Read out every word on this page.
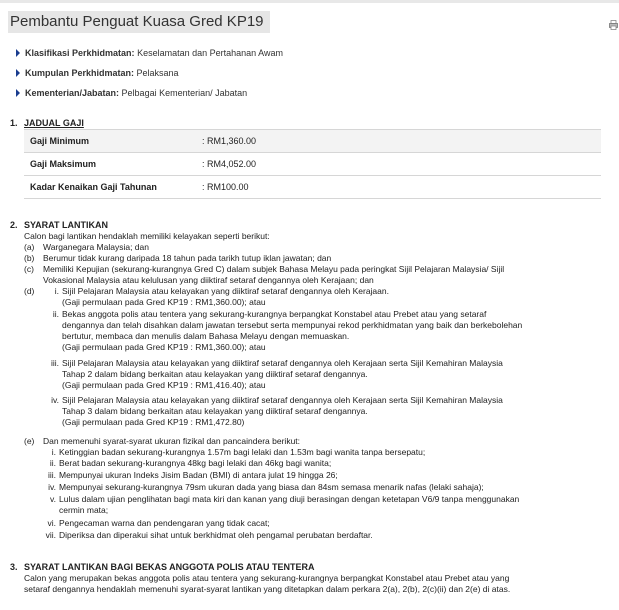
Pembantu Penguat Kuasa Gred KP19
Klasifikasi Perkhidmatan: Keselamatan dan Pertahanan Awam
Kumpulan Perkhidmatan: Pelaksana
Kementerian/Jabatan: Pelbagai Kementerian/ Jabatan
1. JADUAL GAJI
Gaji Minimum	: RM1,360.00
Gaji Maksimum	: RM4,052.00
Kadar Kenaikan Gaji Tahunan	: RM100.00
2. SYARAT LANTIKAN
Calon bagi lantikan hendaklah memiliki kelayakan seperti berikut:
(a) Warganegara Malaysia; dan
(b) Berumur tidak kurang daripada 18 tahun pada tarikh tutup iklan jawatan; dan
(c) Memiliki Kepujian (sekurang-kurangnya Gred C) dalam subjek Bahasa Melayu pada peringkat Sijil Pelajaran Malaysia/ Sijil
Vokasional Malaysia atau kelulusan yang diiktiraf setaraf dengannya oleh Kerajaan; dan
(d)	i. Sijil Pelajaran Malaysia atau kelayakan yang diiktiraf setaraf dengannya oleh Kerajaan.
(Gaji permulaan pada Gred KP19 : RM1,360.00); atau
ii. Bekas anggota polis atau tentera yang sekurang-kurangnya berpangkat Konstabel atau Prebet atau yang setaraf
dengannya dan telah disahkan dalam jawatan tersebut serta mempunyai rekod perkhidmatan yang baik dan berkebolehan
bertutur, membaca dan menulis dalam Bahasa Melayu dengan memuaskan.
(Gaji permulaan pada Gred KP19 : RM1,360.00); atau
iii. Sijil Pelajaran Malaysia atau kelayakan yang diiktiraf setaraf dengannya oleh Kerajaan serta Sijil Kemahiran Malaysia
Tahap 2 dalam bidang berkaitan atau kelayakan yang diiktiraf setaraf dengannya.
(Gaji permulaan pada Gred KP19 : RM1,416.40); atau
iv. Sijil Pelajaran Malaysia atau kelayakan yang diiktiraf setaraf dengannya oleh Kerajaan serta Sijil Kemahiran Malaysia
Tahap 3 dalam bidang berkaitan atau kelayakan yang diiktiraf setaraf dengannya.
(Gaji permulaan pada Gred KP19 : RM1,472.80)
(e) Dan memenuhi syarat-syarat ukuran fizikal dan pancaindera berikut:
i. Ketinggian badan sekurang-kurangnya 1.57m bagi lelaki dan 1.53m bagi wanita tanpa bersepatu;
ii. Berat badan sekurang-kurangnya 48kg bagi lelaki dan 46kg bagi wanita;
iii. Mempunyai ukuran Indeks Jisim Badan (BMI) di antara julat 19 hingga 26;
iv. Mempunyai sekurang-kurangnya 79sm ukuran dada yang biasa dan 84sm semasa menarik nafas (lelaki sahaja);
v. Lulus dalam ujian penglihatan bagi mata kiri dan kanan yang diuji berasingan dengan ketetapan V6/9 tanpa menggunakan
cermin mata;
vi. Pengecaman warna dan pendengaran yang tidak cacat;
vii. Diperiksa dan diperakui sihat untuk berkhidmat oleh pengamal perubatan berdaftar.
3. SYARAT LANTIKAN BAGI BEKAS ANGGOTA POLIS ATAU TENTERA
Calon yang merupakan bekas anggota polis atau tentera yang sekurang-kurangnya berpangkat Konstabel atau Prebet atau yang
setaraf dengannya hendaklah memenuhi syarat-syarat lantikan yang ditetapkan dalam perkara 2(a), 2(b), 2(c)(ii) dan 2(e) di atas.
